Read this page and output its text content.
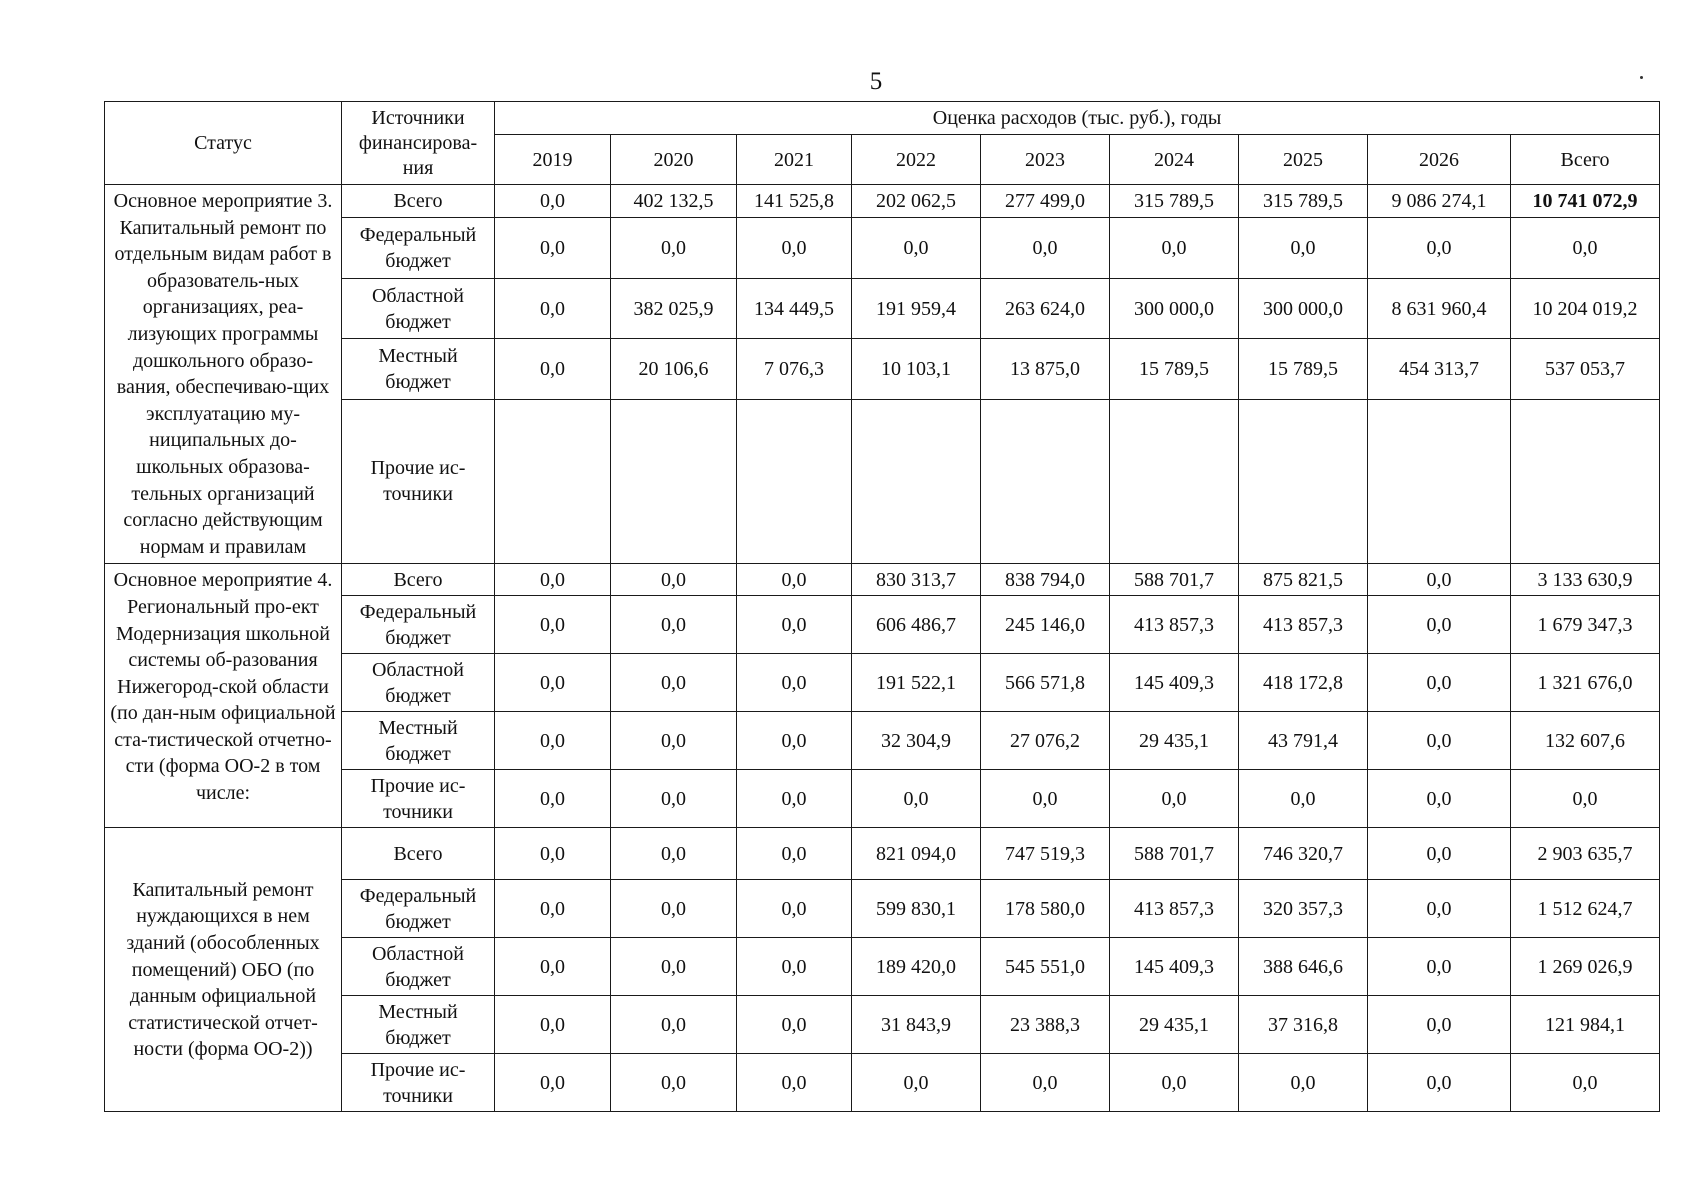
5
Статус	Источники финансирова-ния	Оценка расходов (тыс. руб.), годы								
		2019	2020	2021	2022	2023	2024	2025	2026	Всего
Основное мероприятие 3. Капитальный ремонт по отдельным видам работ в образователь-ных организациях, реа-лизующих программы дошкольного образо-вания, обеспечиваю-щих эксплуатацию му-ниципальных до-школьных образова-тельных организаций согласно действующим нормам и правилам	Всего	0,0	402 132,5	141 525,8	202 062,5	277 499,0	315 789,5	315 789,5	9 086 274,1	10 741 072,9
	Федеральный бюджет	0,0	0,0	0,0	0,0	0,0	0,0	0,0	0,0	0,0
	Областной бюджет	0,0	382 025,9	134 449,5	191 959,4	263 624,0	300 000,0	300 000,0	8 631 960,4	10 204 019,2
	Местный бюджет	0,0	20 106,6	7 076,3	10 103,1	13 875,0	15 789,5	15 789,5	454 313,7	537 053,7
	Прочие ис-точники									
Основное мероприятие 4. Региональный про-ект Модернизация школьной системы об-разования Нижегород-ской области (по дан-ным официальной ста-тистической отчетно-сти (форма ОО-2 в том числе:	Всего	0,0	0,0	0,0	830 313,7	838 794,0	588 701,7	875 821,5	0,0	3 133 630,9
	Федеральный бюджет	0,0	0,0	0,0	606 486,7	245 146,0	413 857,3	413 857,3	0,0	1 679 347,3
	Областной бюджет	0,0	0,0	0,0	191 522,1	566 571,8	145 409,3	418 172,8	0,0	1 321 676,0
	Местный бюджет	0,0	0,0	0,0	32 304,9	27 076,2	29 435,1	43 791,4	0,0	132 607,6
	Прочие ис-точники	0,0	0,0	0,0	0,0	0,0	0,0	0,0	0,0	0,0
Капитальный ремонт нуждающихся в нем зданий (обособленных помещений) ОБО (по данным официальной статистической отчет-ности (форма ОО-2))	Всего	0,0	0,0	0,0	821 094,0	747 519,3	588 701,7	746 320,7	0,0	2 903 635,7
	Федеральный бюджет	0,0	0,0	0,0	599 830,1	178 580,0	413 857,3	320 357,3	0,0	1 512 624,7
	Областной бюджет	0,0	0,0	0,0	189 420,0	545 551,0	145 409,3	388 646,6	0,0	1 269 026,9
	Местный бюджет	0,0	0,0	0,0	31 843,9	23 388,3	29 435,1	37 316,8	0,0	121 984,1
	Прочие ис-точники	0,0	0,0	0,0	0,0	0,0	0,0	0,0	0,0	0,0
